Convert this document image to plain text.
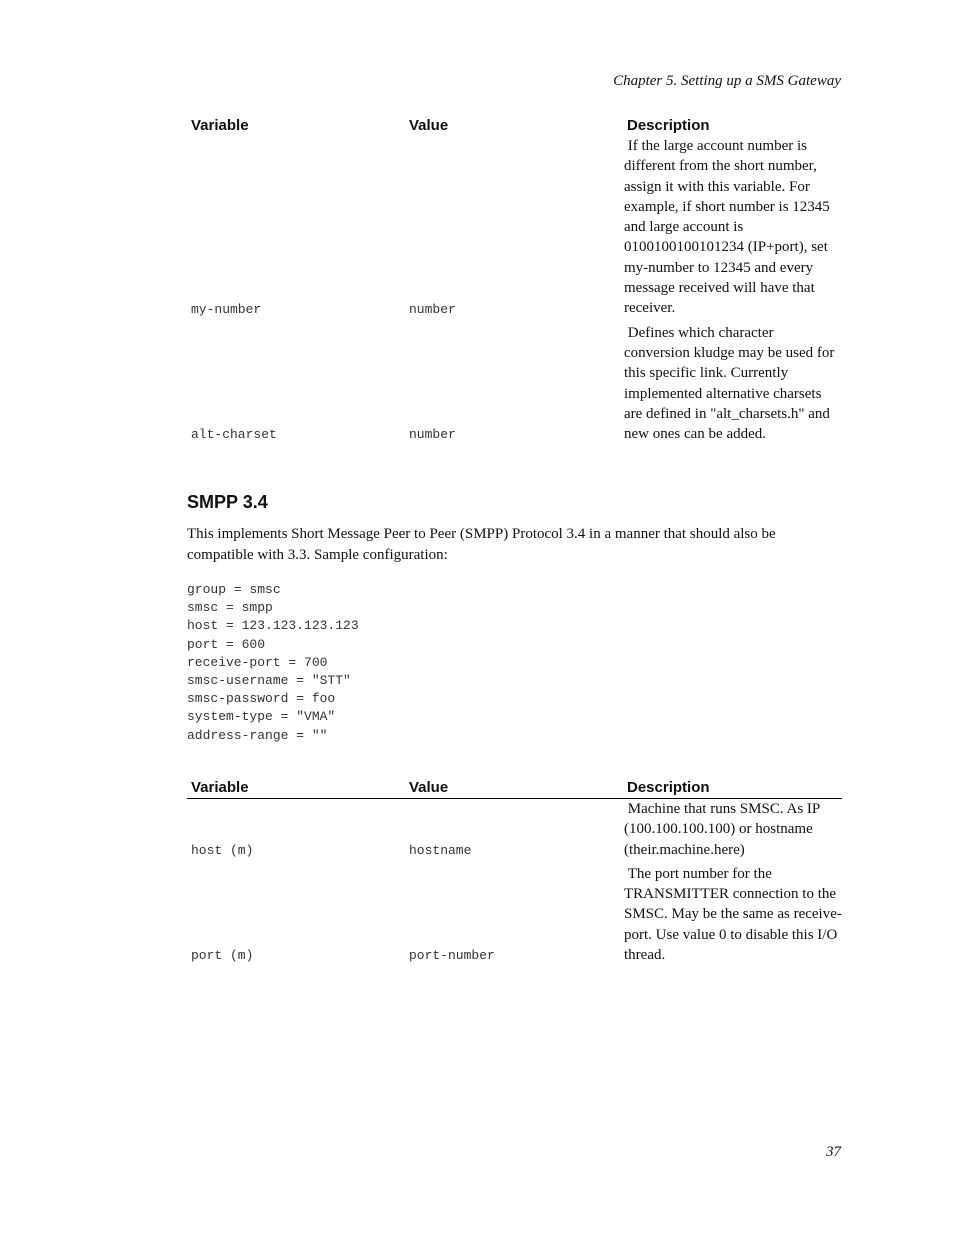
Chapter 5. Setting up a SMS Gateway
Variable	Value	Description
my-number	number	If the large account number is different from the short number, assign it with this variable. For example, if short number is 12345 and large account is 0100100100101234 (IP+port), set my-number to 12345 and every message received will have that receiver.

alt-charset	number	Defines which character conversion kludge may be used for this specific link. Currently implemented alternative charsets are defined in "alt_charsets.h" and new ones can be added.
SMPP 3.4

This implements Short Message Peer to Peer (SMPP) Protocol 3.4 in a manner that should also be compatible with 3.3. Sample configuration:

group = smsc
smsc = smpp
host = 123.123.123.123
port = 600
receive-port = 700
smsc-username = "STT"
smsc-password = foo
system-type = "VMA"
address-range = ""
Variable	Value	Description
host (m)	hostname	Machine that runs SMSC. As IP (100.100.100.100) or hostname (their.machine.here)

port (m)	port-number	The port number for the TRANSMITTER connection to the SMSC. May be the same as receive-port. Use value 0 to disable this I/O thread.
37
